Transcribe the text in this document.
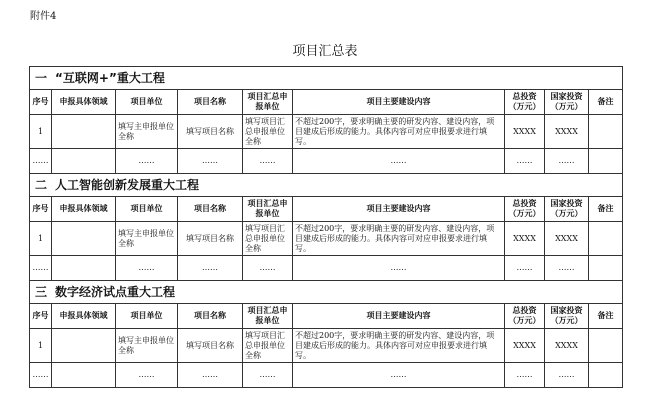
附件4
项目汇总表
一 “互联网+”重大工程								
序号	申报具体领域	项目单位	项目名称	项目汇总申报单位	项目主要建设内容	总投资（万元）	国家投资（万元）	备注
1		填写主申报单位全称	填写项目名称	填写项目汇总申报单位全称	不超过200字，要求明确主要的研发内容、建设内容，项目建成后形成的能力。具体内容可对应申报要求进行填写。	XXXX	XXXX	
……		……	……	……	……	……	……	
二 人工智能创新发展重大工程								
序号	申报具体领域	项目单位	项目名称	项目汇总申报单位	项目主要建设内容	总投资（万元）	国家投资（万元）	备注
1		填写主申报单位全称	填写项目名称	填写项目汇总申报单位全称	不超过200字，要求明确主要的研发内容、建设内容，项目建成后形成的能力。具体内容可对应申报要求进行填写。	XXXX	XXXX	
……		……	……	……	……	……	……	
三 数字经济试点重大工程								
序号	申报具体领域	项目单位	项目名称	项目汇总申报单位	项目主要建设内容	总投资（万元）	国家投资（万元）	备注
1		填写主申报单位全称	填写项目名称	填写项目汇总申报单位全称	不超过200字，要求明确主要的研发内容、建设内容，项目建成后形成的能力。具体内容可对应申报要求进行填写。	XXXX	XXXX	
……		……	……	……	……	……	……	
